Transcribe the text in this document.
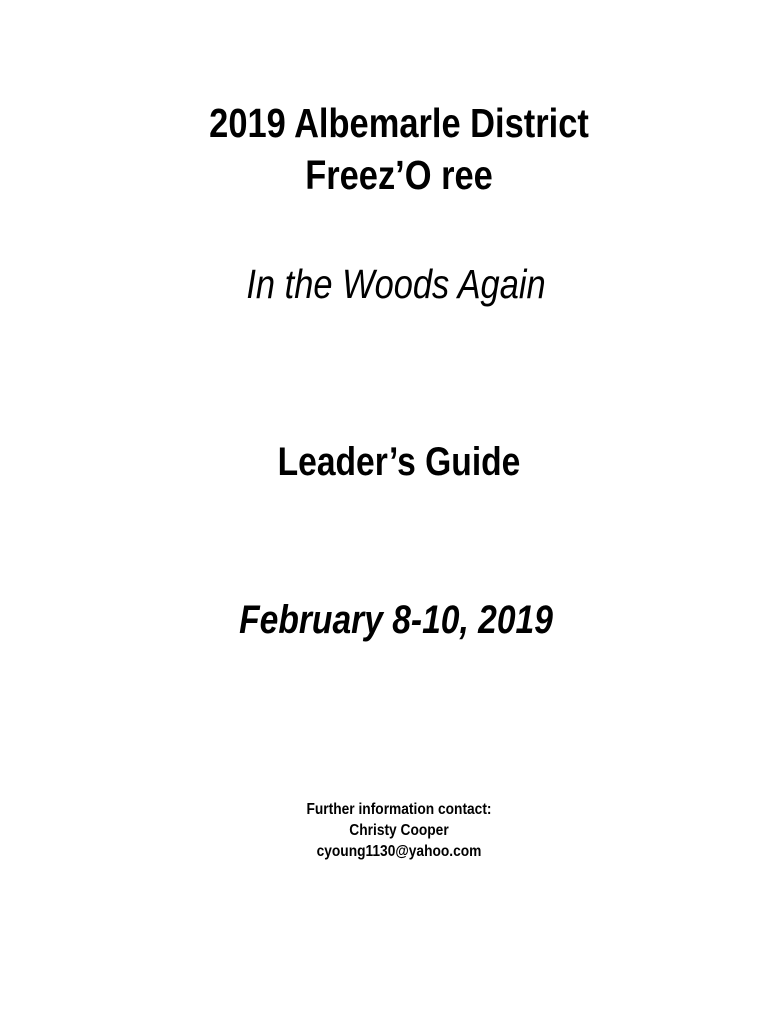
2019 Albemarle District
Freez’O ree
In the Woods Again
Leader’s Guide
February 8-10, 2019
Further information contact:
Christy Cooper
cyoung1130@yahoo.com
